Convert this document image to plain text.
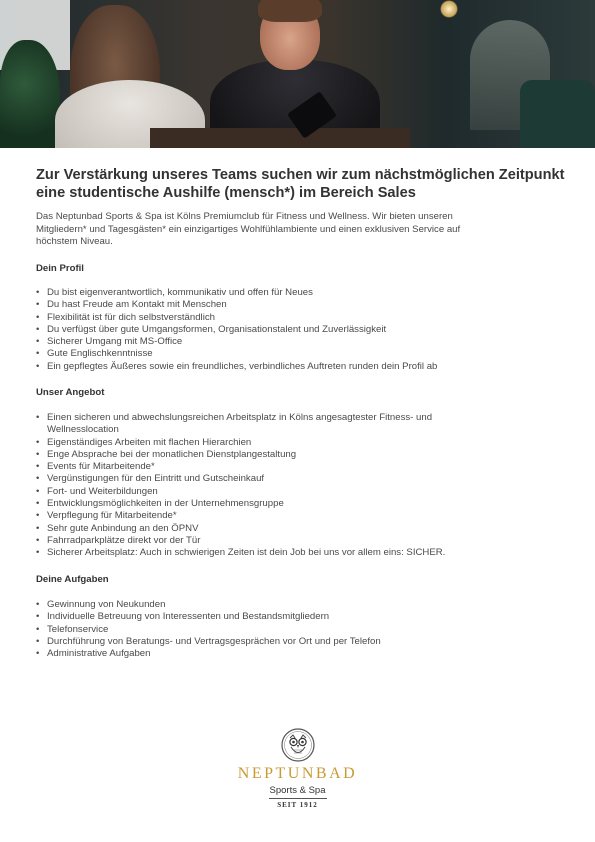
Zur Verstärkung unseres Teams suchen wir zum nächstmöglichen Zeitpunkt
eine studentische Aushilfe (mensch*) im Bereich Sales

Das Neptunbad Sports & Spa ist Kölns Premiumclub für Fitness und Wellness. Wir bieten unseren
Mitgliedern* und Tagesgästen* ein einzigartiges Wohlfühlambiente und einen exklusiven Service auf
höchstem Niveau.

Dein Profil
• Du bist eigenverantwortlich, kommunikativ und offen für Neues
• Du hast Freude am Kontakt mit Menschen
• Flexibilität ist für dich selbstverständlich
• Du verfügst über gute Umgangsformen, Organisationstalent und Zuverlässigkeit
• Sicherer Umgang mit MS-Office
• Gute Englischkenntnisse
• Ein gepflegtes Äußeres sowie ein freundliches, verbindliches Auftreten runden dein Profil ab
Unser Angebot
• Einen sicheren und abwechslungsreichen Arbeitsplatz in Kölns angesagtester Fitness- und
Wellnesslocation
• Eigenständiges Arbeiten mit flachen Hierarchien
• Enge Absprache bei der monatlichen Dienstplangestaltung
• Events für Mitarbeitende*
• Vergünstigungen für den Eintritt und Gutscheinkauf
• Fort- und Weiterbildungen
• Entwicklungsmöglichkeiten in der Unternehmensgruppe
• Verpflegung für Mitarbeitende*
• Sehr gute Anbindung an den ÖPNV
• Fahrradparkplätze direkt vor der Tür
• Sicherer Arbeitsplatz: Auch in schwierigen Zeiten ist dein Job bei uns vor allem eins: SICHER.
Deine Aufgaben
• Gewinnung von Neukunden
• Individuelle Betreuung von Interessenten und Bestandsmitgliedern
• Telefonservice
• Durchführung von Beratungs- und Vertragsgesprächen vor Ort und per Telefon
• Administrative Aufgaben
NEPTUNBAD
Sports & Spa
SEIT 1912
